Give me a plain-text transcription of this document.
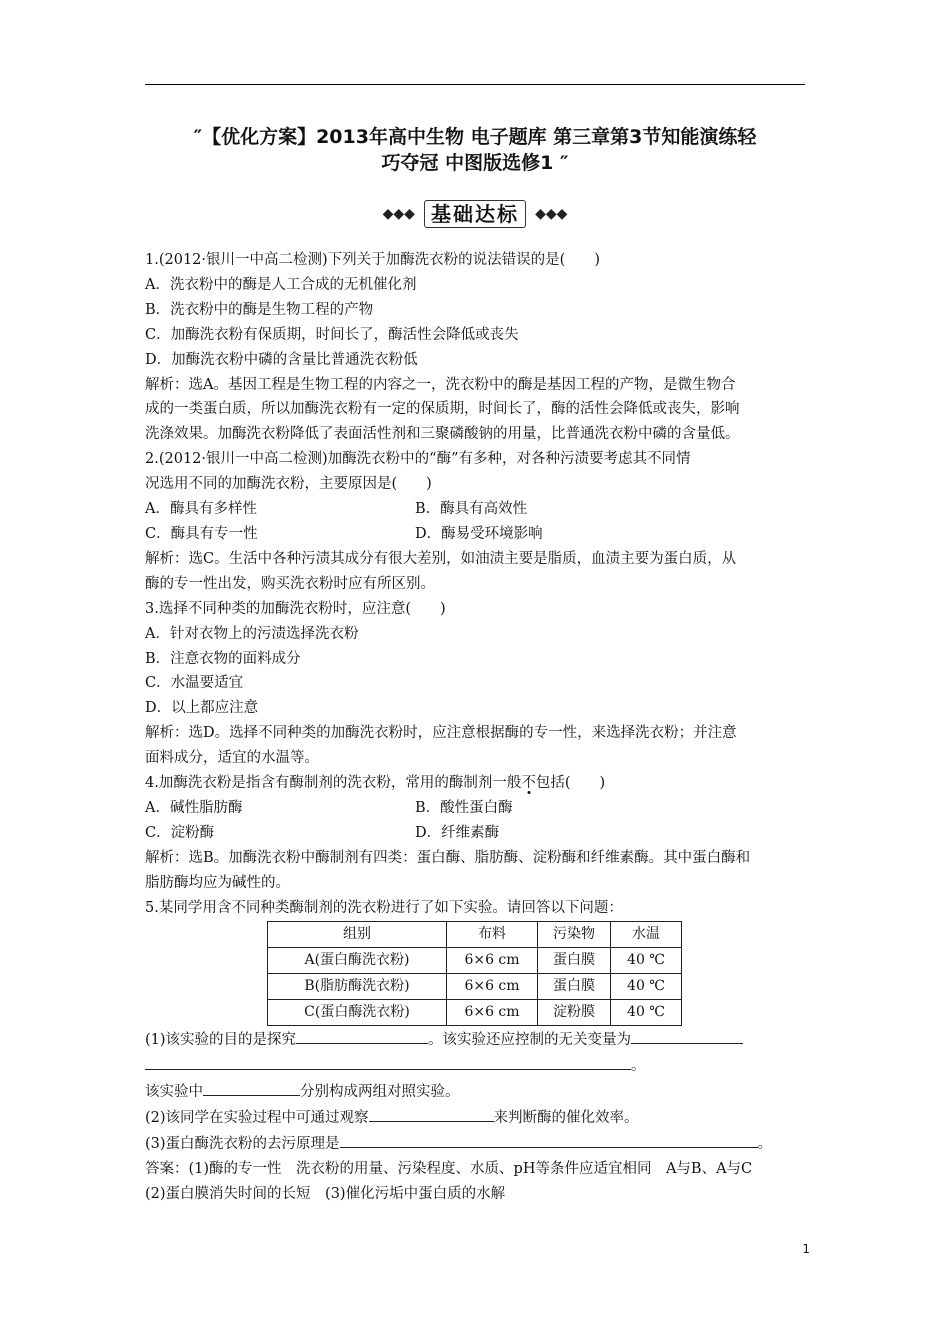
″【优化方案】2013年高中生物 电子题库 第三章第3节知能演练轻
巧夺冠 中图版选修1 ″
◆◆◆ 基础达标 ◆◆◆

1.(2012·银川一中高二检测)下列关于加酶洗衣粉的说法错误的是(　　)

A．洗衣粉中的酶是人工合成的无机催化剂

B．洗衣粉中的酶是生物工程的产物

C．加酶洗衣粉有保质期，时间长了，酶活性会降低或丧失

D．加酶洗衣粉中磷的含量比普通洗衣粉低

解析：选A。基因工程是生物工程的内容之一，洗衣粉中的酶是基因工程的产物，是微生物合

成的一类蛋白质，所以加酶洗衣粉有一定的保质期，时间长了，酶的活性会降低或丧失，影响

洗涤效果。加酶洗衣粉降低了表面活性剂和三聚磷酸钠的用量，比普通洗衣粉中磷的含量低。

2.(2012·银川一中高二检测)加酶洗衣粉中的“酶”有多种，对各种污渍要考虑其不同情

况选用不同的加酶洗衣粉，主要原因是(　　)

A．酶具有多样性	B．酶具有高效性

C．酶具有专一性	D．酶易受环境影响

解析：选C。生活中各种污渍其成分有很大差别，如油渍主要是脂质，血渍主要为蛋白质，从

酶的专一性出发，购买洗衣粉时应有所区别。

3.选择不同种类的加酶洗衣粉时，应注意(　　)

A．针对衣物上的污渍选择洗衣粉

B．注意衣物的面料成分

C．水温要适宜

D．以上都应注意

解析：选D。选择不同种类的加酶洗衣粉时，应注意根据酶的专一性，来选择洗衣粉；并注意

面料成分，适宜的水温等。

4.加酶洗衣粉是指含有酶制剂的洗衣粉，常用的酶制剂一般不包括(　　)

A．碱性脂肪酶	B．酸性蛋白酶

C．淀粉酶	D．纤维素酶

解析：选B。加酶洗衣粉中酶制剂有四类：蛋白酶、脂肪酶、淀粉酶和纤维素酶。其中蛋白酶和

脂肪酶均应为碱性的。

5.某同学用含不同种类酶制剂的洗衣粉进行了如下实验。请回答以下问题：

组别	布料	污染物	水温
A(蛋白酶洗衣粉)	6×6 cm	蛋白膜	40 ℃
B(脂肪酶洗衣粉)	6×6 cm	蛋白膜	40 ℃
C(蛋白酶洗衣粉)	6×6 cm	淀粉膜	40 ℃

(1)该实验的目的是探究	。该实验还应控制的无关变量为

。

该实验中	分别构成两组对照实验。

(2)该同学在实验过程中可通过观察	来判断酶的催化效率。

(3)蛋白酶洗衣粉的去污原理是	。

答案：(1)酶的专一性　洗衣粉的用量、污染程度、水质、pH等条件应适宜相同　A与B、A与C

(2)蛋白膜消失时间的长短　(3)催化污垢中蛋白质的水解

1
